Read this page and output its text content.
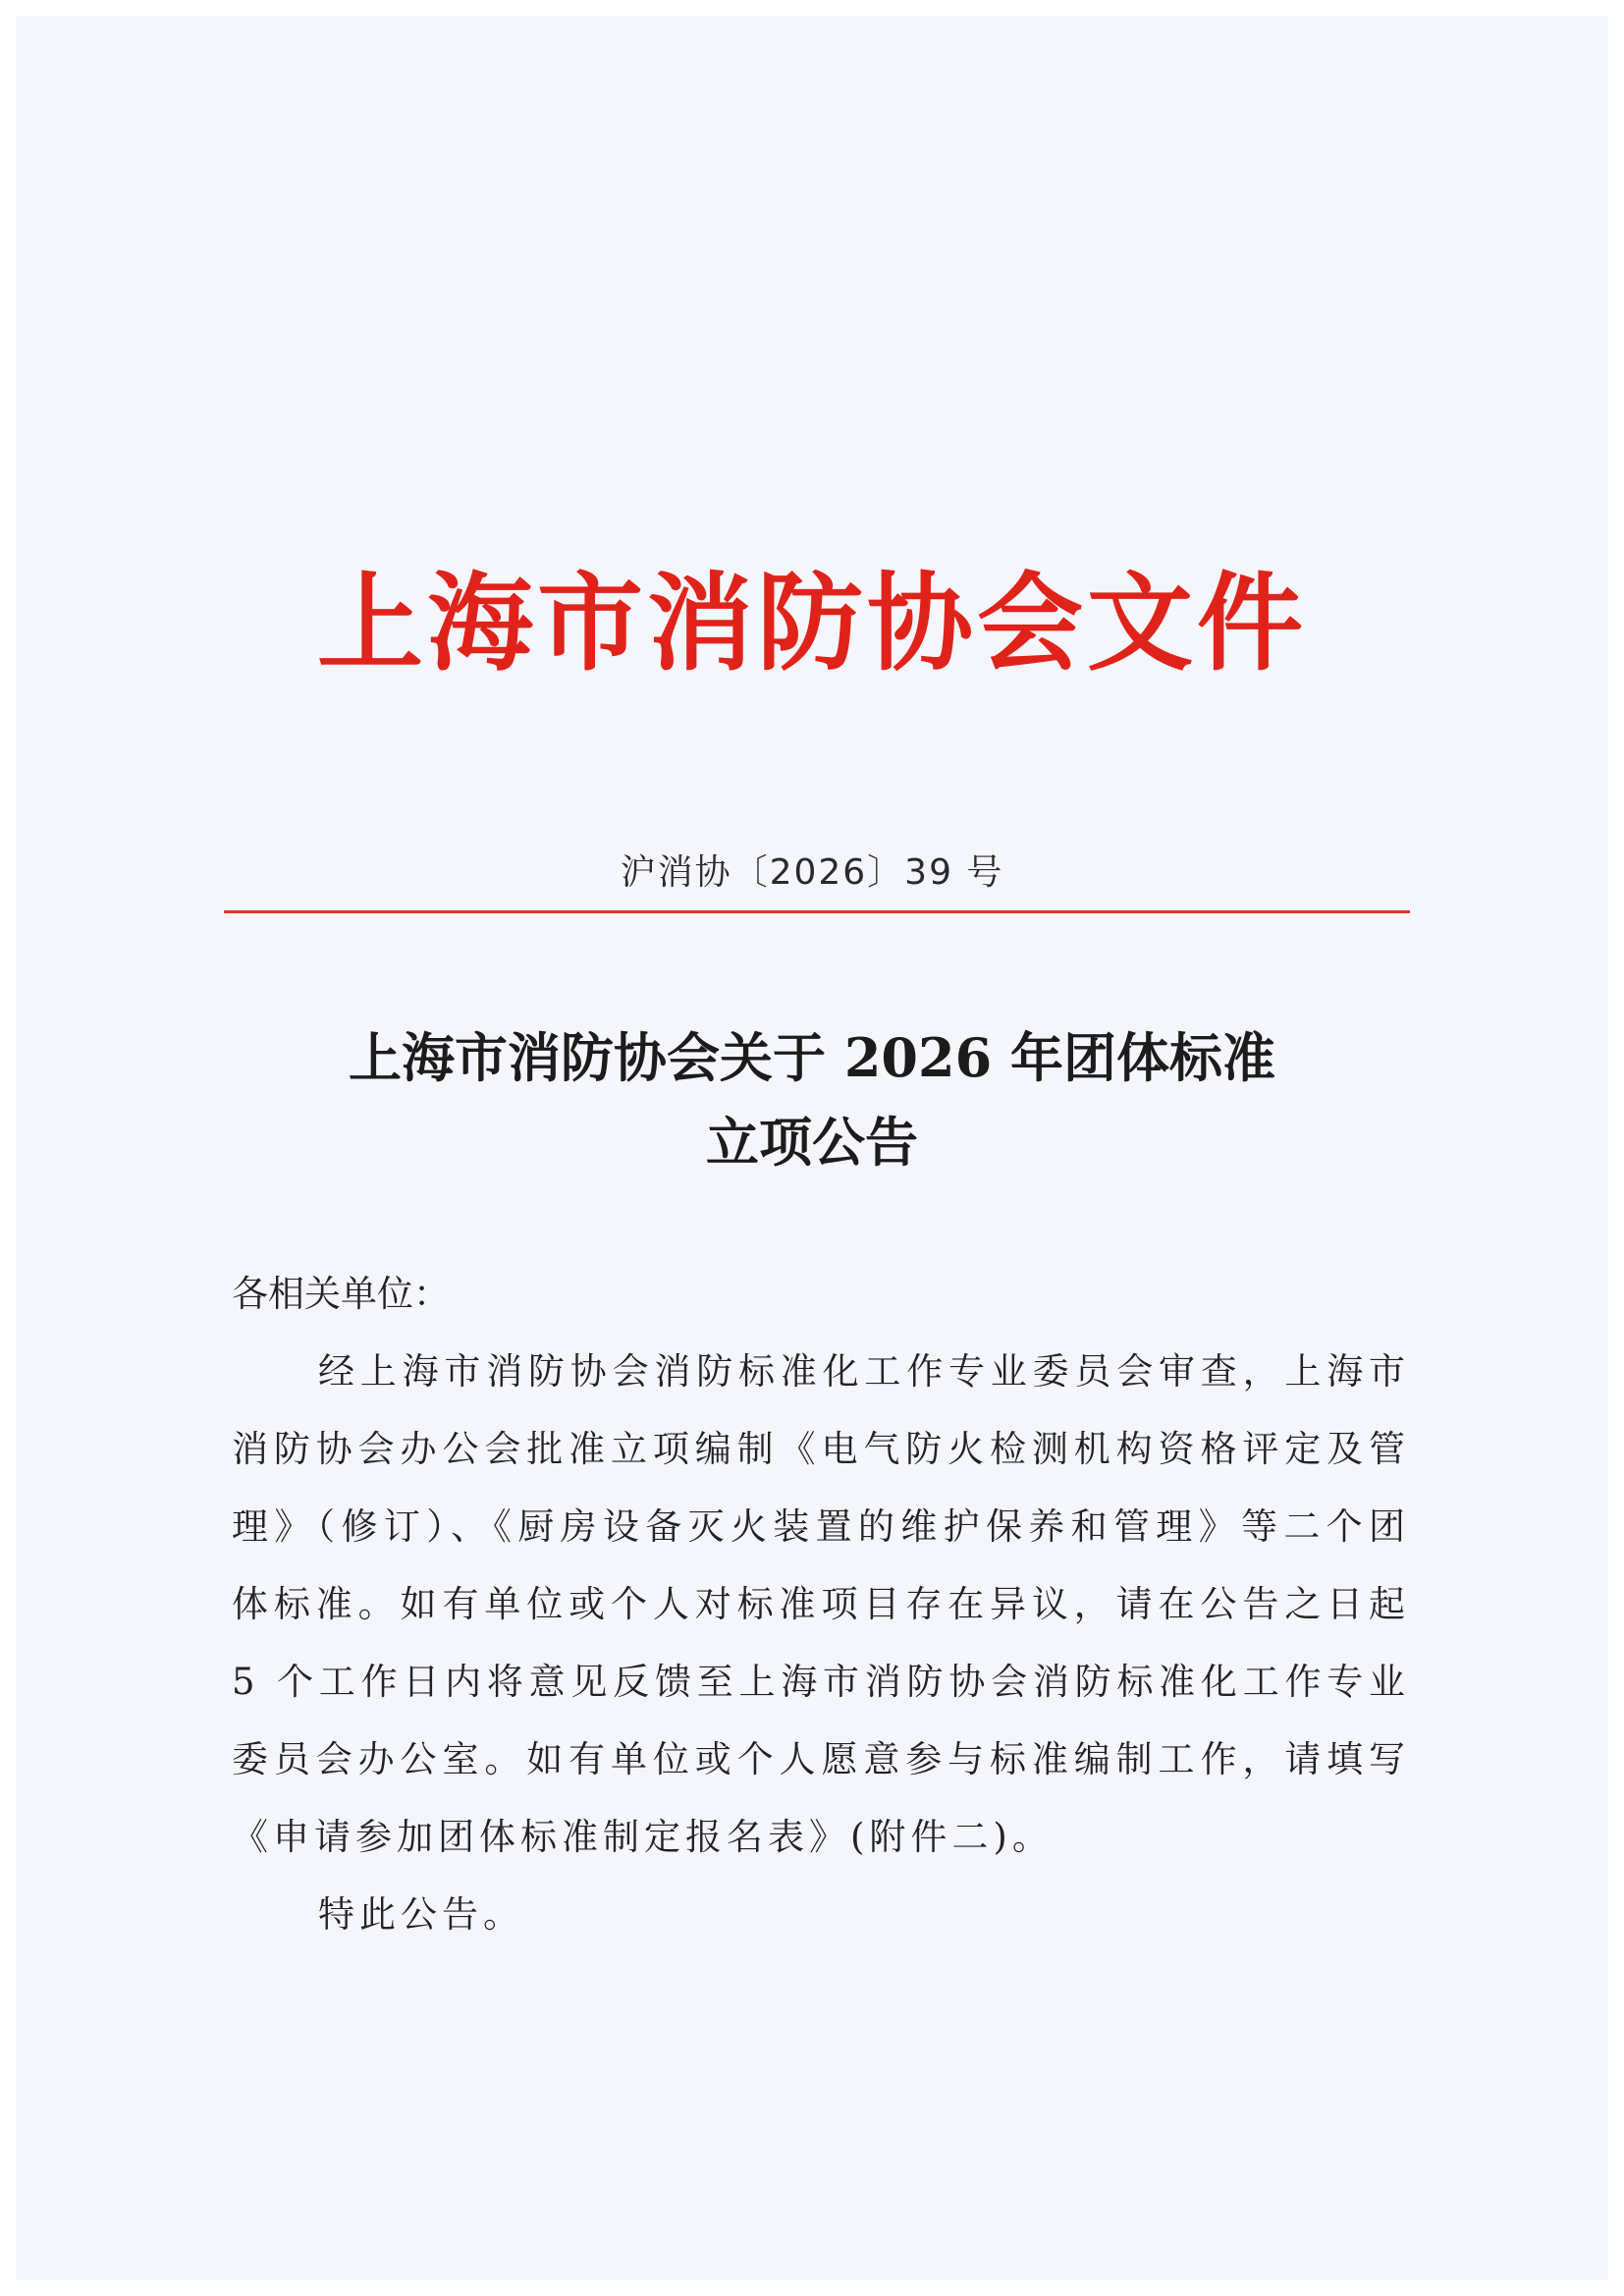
上海市消防协会文件
沪消协〔2026〕39 号
上海市消防协会关于 2026 年团体标准
立项公告

各相关单位：

经上海市消防协会消防标准化工作专业委员会审查，上海市消防协会办公会批准立项编制《电气防火检测机构资格评定及管理》（修订）、《厨房设备灭火装置的维护保养和管理》等二个团体标准。如有单位或个人对标准项目存在异议，请在公告之日起 5 个工作日内将意见反馈至上海市消防协会消防标准化工作专业委员会办公室。如有单位或个人愿意参与标准编制工作，请填写《申请参加团体标准制定报名表》(附件二)。

特此公告。
